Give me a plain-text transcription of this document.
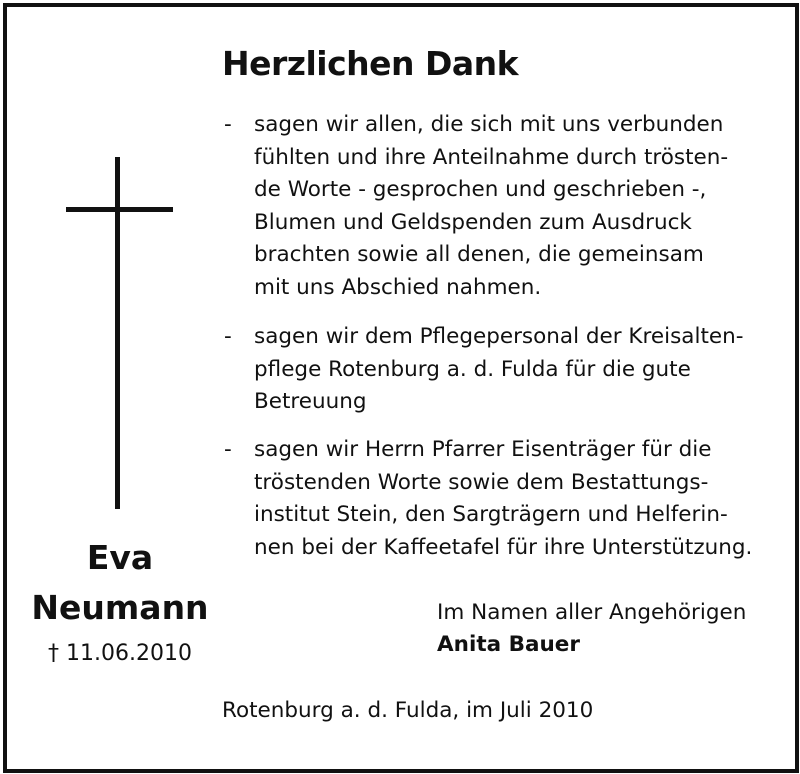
Herzlichen Dank
- sagen wir allen, die sich mit uns verbunden
fühlten und ihre Anteilnahme durch trösten-
de Worte - gesprochen und geschrieben -,
Blumen und Geldspenden zum Ausdruck
brachten sowie all denen, die gemeinsam
mit uns Abschied nahmen.
- sagen wir dem Pflegepersonal der Kreisalten-
pflege Rotenburg a. d. Fulda für die gute
Betreuung
- sagen wir Herrn Pfarrer Eisenträger für die
tröstenden Worte sowie dem Bestattungs-
institut Stein, den Sargträgern und Helferin-
nen bei der Kaffeetafel für ihre Unterstützung.
Eva
Neumann
† 11.06.2010
Im Namen aller Angehörigen
Anita Bauer
Rotenburg a. d. Fulda, im Juli 2010
